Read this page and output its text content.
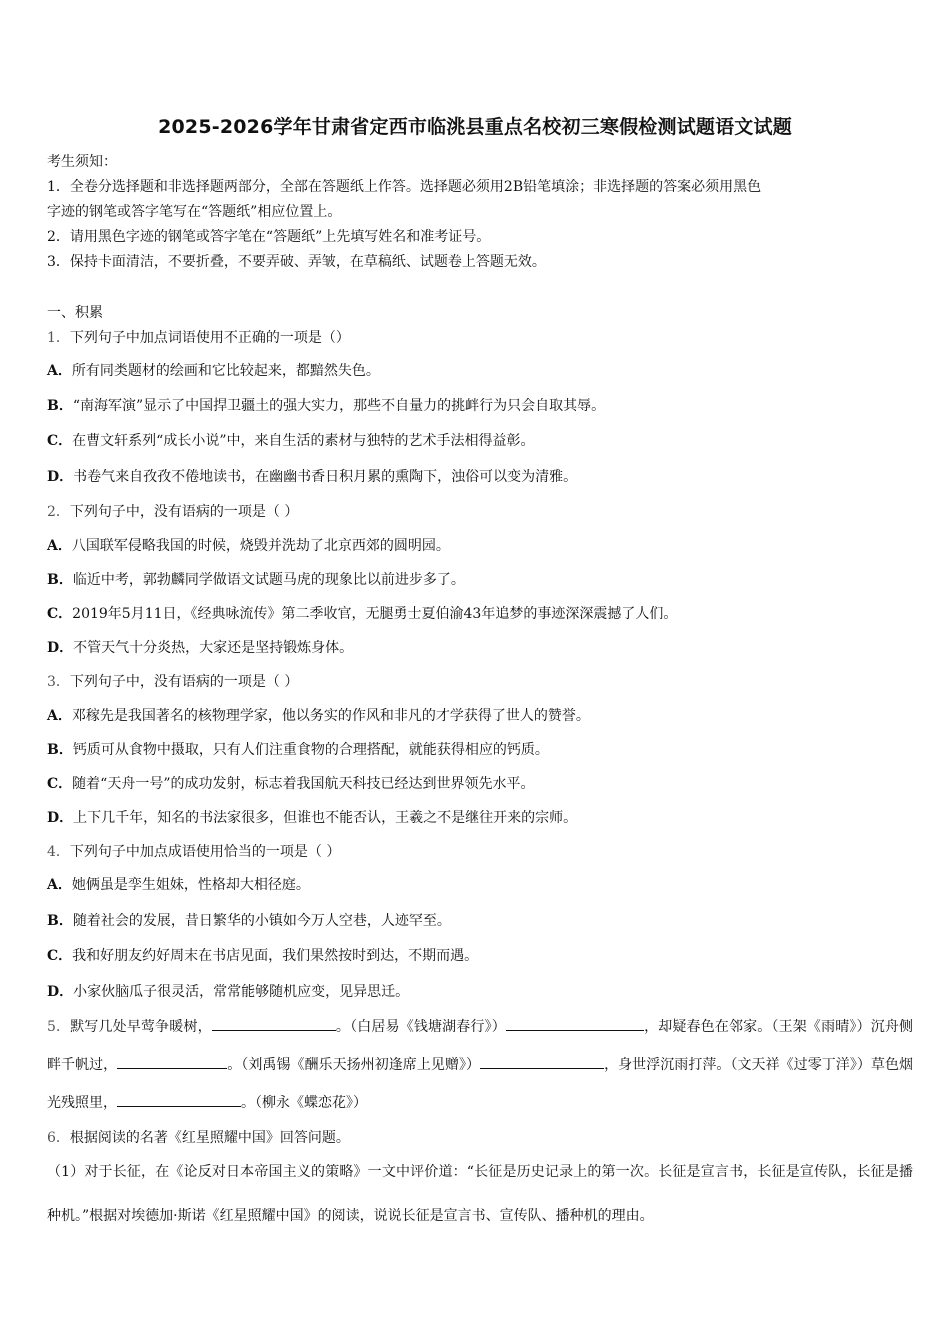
2025-2026学年甘肃省定西市临洮县重点名校初三寒假检测试题语文试题

考生须知：

1．全卷分选择题和非选择题两部分，全部在答题纸上作答。选择题必须用2B铅笔填涂；非选择题的答案必须用黑色

字迹的钢笔或答字笔写在“答题纸”相应位置上。

2．请用黑色字迹的钢笔或答字笔在“答题纸”上先填写姓名和准考证号。

3．保持卡面清洁，不要折叠，不要弄破、弄皱，在草稿纸、试题卷上答题无效。

一、积累
1．下列句子中加点词语使用不正确的一项是（）
A．所有同类题材的绘画和它比较起来，都黯然失色。
B．“南海军演”显示了中国捍卫疆土的强大实力，那些不自量力的挑衅行为只会自取其辱。
C．在曹文轩系列“成长小说”中，来自生活的素材与独特的艺术手法相得益彰。
D．书卷气来自孜孜不倦地读书，在幽幽书香日积月累的熏陶下，浊俗可以变为清雅。
2．下列句子中，没有语病的一项是（ ）
A．八国联军侵略我国的时候，烧毁并洗劫了北京西郊的圆明园。
B．临近中考，郭勃麟同学做语文试题马虎的现象比以前进步多了。
C．2019年5月11日，《经典咏流传》第二季收官，无腿勇士夏伯渝43年追梦的事迹深深震撼了人们。
D．不管天气十分炎热，大家还是坚持锻炼身体。
3．下列句子中，没有语病的一项是（ ）
A．邓稼先是我国著名的核物理学家，他以务实的作风和非凡的才学获得了世人的赞誉。
B．钙质可从食物中摄取，只有人们注重食物的合理搭配，就能获得相应的钙质。
C．随着“天舟一号”的成功发射，标志着我国航天科技已经达到世界领先水平。
D．上下几千年，知名的书法家很多，但谁也不能否认，王羲之不是继往开来的宗师。
4．下列句子中加点成语使用恰当的一项是（ ）
A．她俩虽是孪生姐妹，性格却大相径庭。
B．随着社会的发展，昔日繁华的小镇如今万人空巷，人迹罕至。
C．我和好朋友约好周末在书店见面，我们果然按时到达，不期而遇。
D．小家伙脑瓜子很灵活，常常能够随机应变，见异思迁。
5．默写几处早莺争暖树，	。（白居易《钱塘湖春行》）	，却疑春色在邻家。（王架《雨晴》）沉舟侧畔千帆过，	。（刘禹锡《酬乐天扬州初逢席上见赠》）	，身世浮沉雨打萍。（文天祥《过零丁洋》）草色烟光残照里，	。（柳永《蝶恋花》）
6．根据阅读的名著《红星照耀中国》回答问题。
（1）对于长征，在《论反对日本帝国主义的策略》一文中评价道：“长征是历史记录上的第一次。长征是宣言书，长征是宣传队，长征是播种机。”根据对埃德加·斯诺《红星照耀中国》的阅读，说说长征是宣言书、宣传队、播种机的理由。
